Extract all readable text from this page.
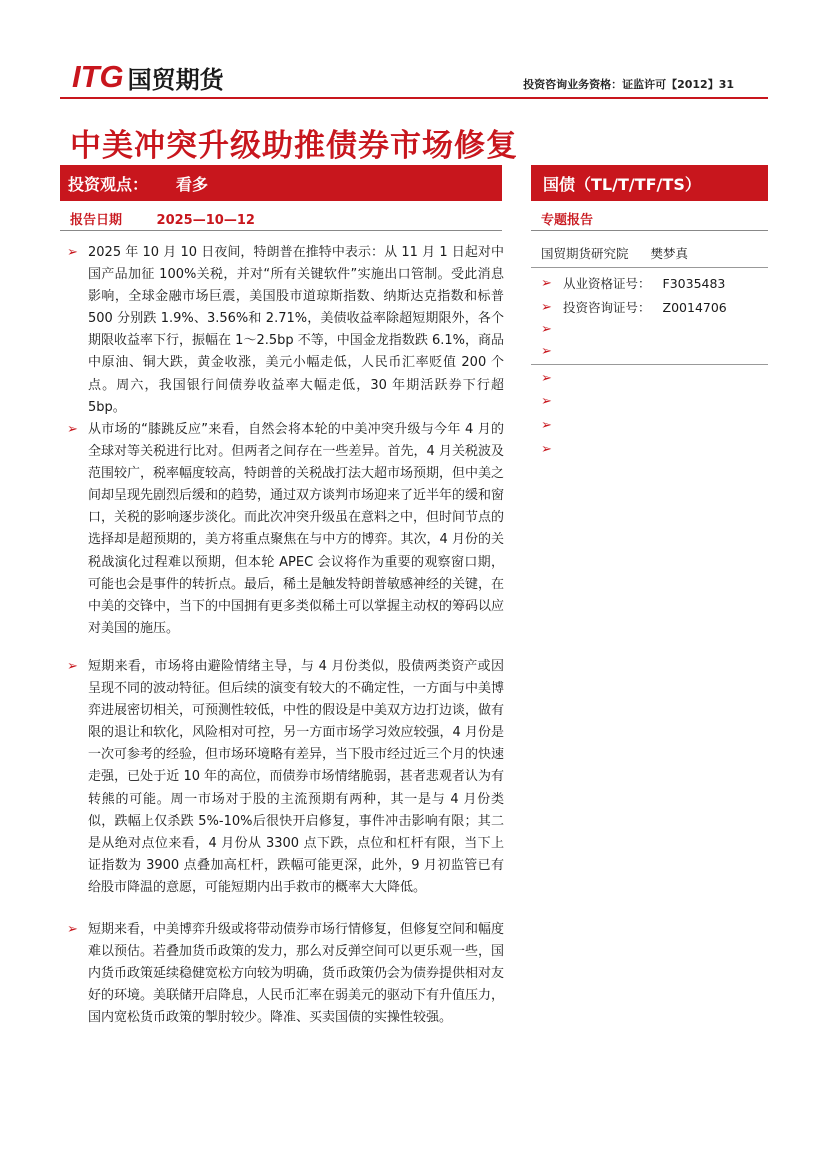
ITG 国贸期货	投资咨询业务资格：证监许可【2012】31
中美冲突升级助推债券市场修复
投资观点：	看多	国债（TL/T/TF/TS）
报告日期	2025—10—12	专题报告
➢ 2025 年 10 月 10 日夜间，特朗普在推特中表示：从 11 月 1 日起对中国产品加征 100%关税，并对“所有关键软件”实施出口管制。受此消息影响，全球金融市场巨震，美国股市道琼斯指数、纳斯达克指数和标普 500 分别跌 1.9%、3.56%和 2.71%，美债收益率除超短期限外，各个期限收益率下行，振幅在 1～2.5bp 不等，中国金龙指数跌 6.1%，商品中原油、铜大跌，黄金收涨，美元小幅走低，人民币汇率贬值 200 个点。周六，我国银行间债券收益率大幅走低，30 年期活跃券下行超 5bp。
➢ 从市场的“膝跳反应”来看，自然会将本轮的中美冲突升级与今年 4 月的全球对等关税进行比对。但两者之间存在一些差异。首先，4 月关税波及范围较广，税率幅度较高，特朗普的关税战打法大超市场预期，但中美之间却呈现先剧烈后缓和的趋势，通过双方谈判市场迎来了近半年的缓和窗口，关税的影响逐步淡化。而此次冲突升级虽在意料之中，但时间节点的选择却是超预期的，美方将重点聚焦在与中方的博弈。其次，4 月份的关税战演化过程难以预期，但本轮 APEC 会议将作为重要的观察窗口期，可能也会是事件的转折点。最后，稀土是触发特朗普敏感神经的关键，在中美的交锋中，当下的中国拥有更多类似稀土可以掌握主动权的筹码以应对美国的施压。
➢ 短期来看，市场将由避险情绪主导，与 4 月份类似，股债两类资产或因呈现不同的波动特征。但后续的演变有较大的不确定性，一方面与中美博弈进展密切相关，可预测性较低，中性的假设是中美双方边打边谈，做有限的退让和软化，风险相对可控，另一方面市场学习效应较强，4 月份是一次可参考的经验，但市场环境略有差异，当下股市经过近三个月的快速走强，已处于近 10 年的高位，而债券市场情绪脆弱，甚者悲观者认为有转熊的可能。周一市场对于股的主流预期有两种，其一是与 4 月份类似，跌幅上仅杀跌 5%-10%后很快开启修复，事件冲击影响有限；其二是从绝对点位来看，4 月份从 3300 点下跌，点位和杠杆有限，当下上证指数为 3900 点叠加高杠杆，跌幅可能更深，此外，9 月初监管已有给股市降温的意愿，可能短期内出手救市的概率大大降低。
➢ 短期来看，中美博弈升级或将带动债券市场行情修复，但修复空间和幅度难以预估。若叠加货币政策的发力，那么对反弹空间可以更乐观一些，国内货币政策延续稳健宽松方向较为明确，货币政策仍会为债券提供相对友好的环境。美联储开启降息，人民币汇率在弱美元的驱动下有升值压力，国内宽松货币政策的掣肘较少。降准、买卖国债的实操性较强。
国贸期货研究院 樊梦真
➢ 从业资格证号： F3035483
➢ 投资咨询证号： Z0014706
➢
➢
➢
➢
➢
➢
